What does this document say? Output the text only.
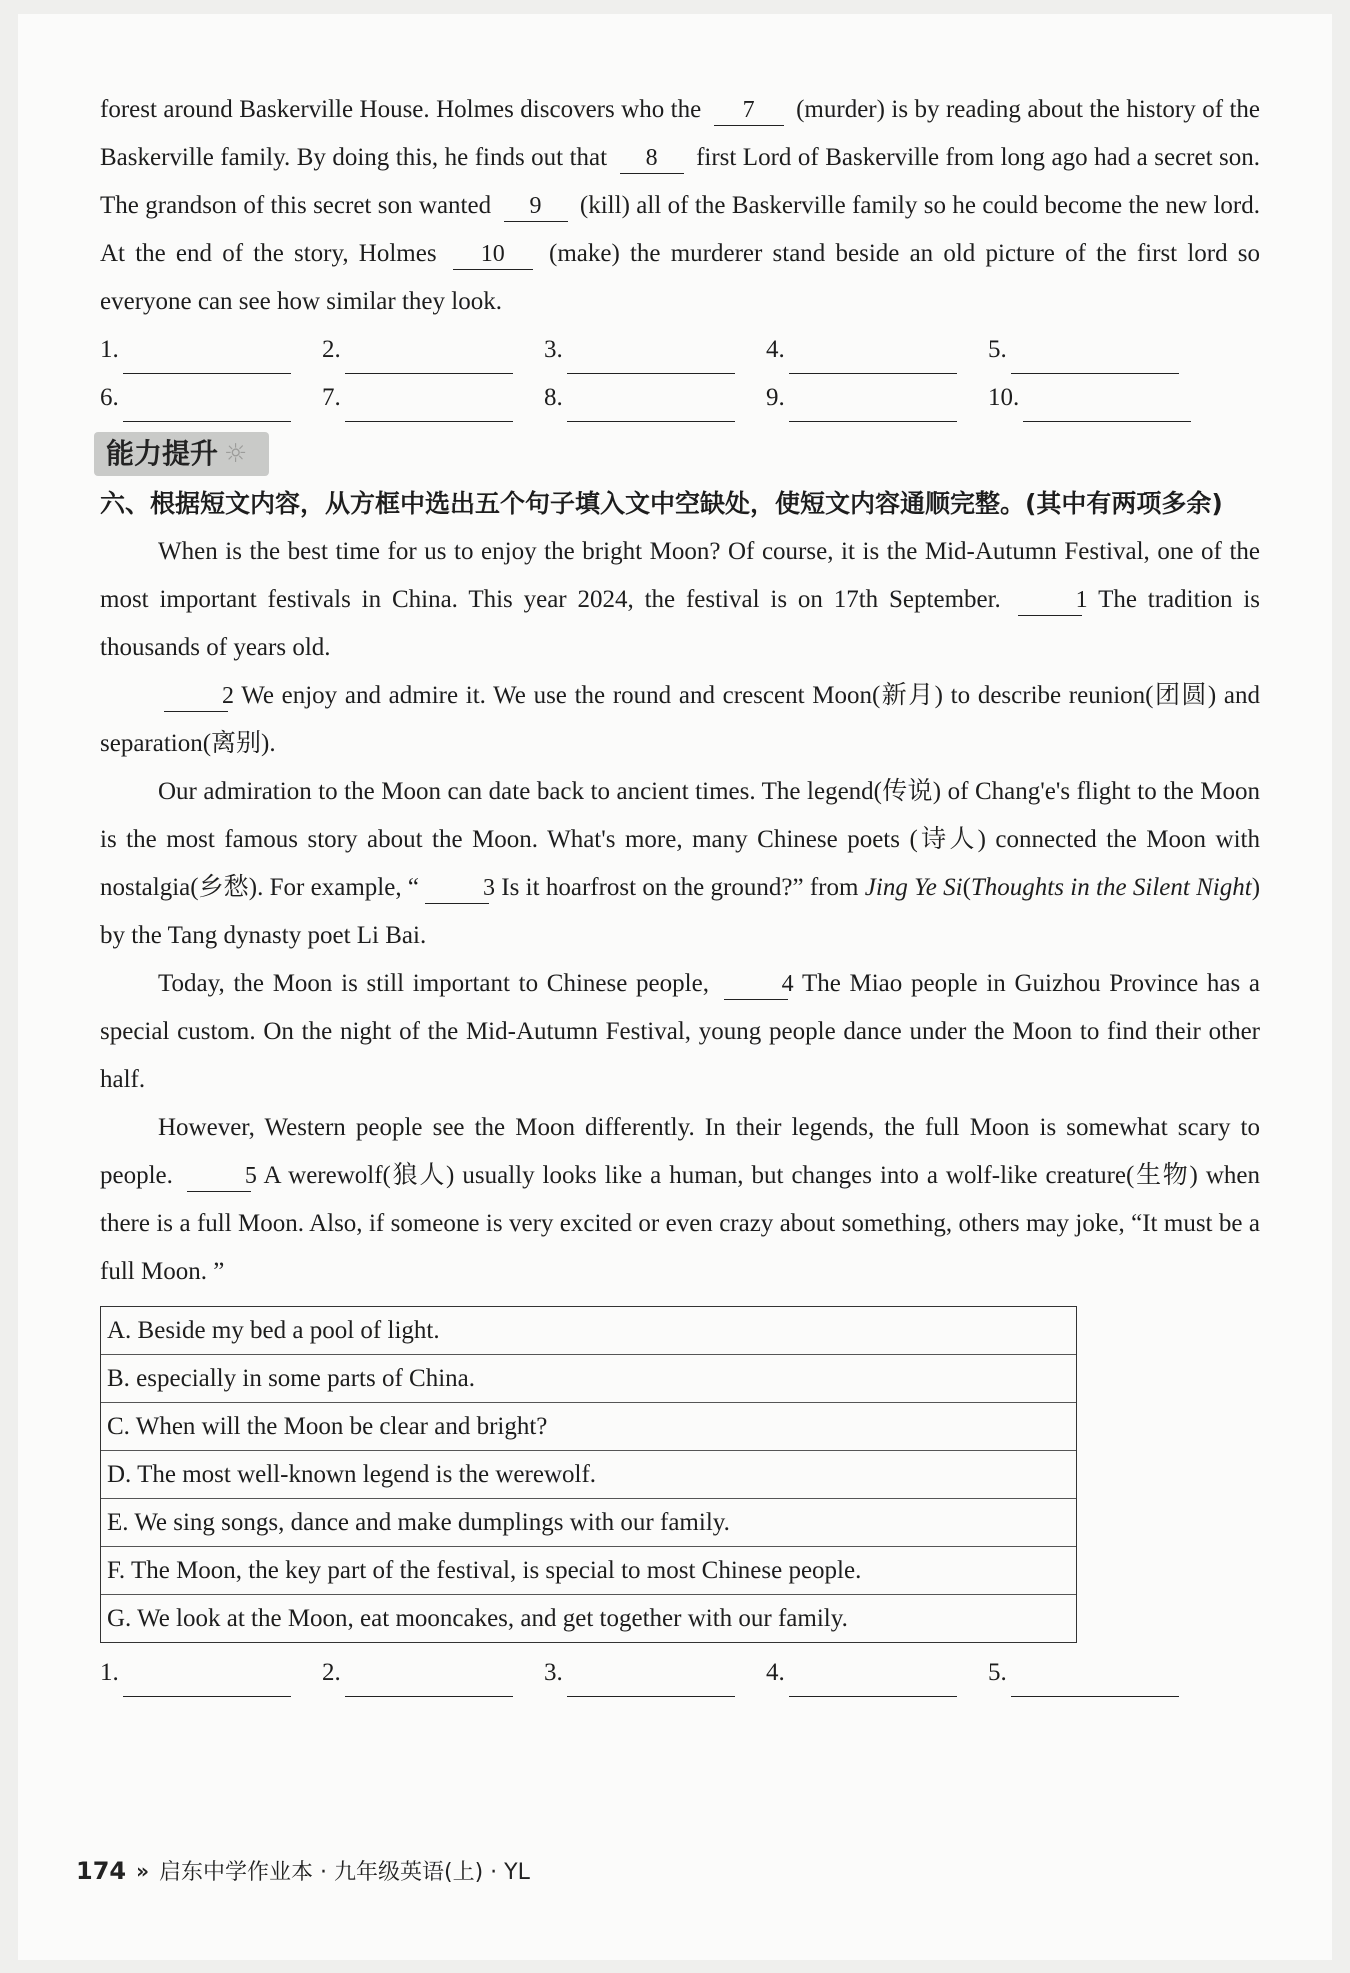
forest around Baskerville House. Holmes discovers who the 7 (murder) is by reading about the history of the Baskerville family. By doing this, he finds out that 8 first Lord of Baskerville from long ago had a secret son. The grandson of this secret son wanted 9 (kill) all of the Baskerville family so he could become the new lord. At the end of the story, Holmes 10 (make) the murderer stand beside an old picture of the first lord so everyone can see how similar they look.

1.	2.	3.	4.	5.
6.	7.	8.	9.	10.
能力提升 ☼

六、根据短文内容，从方框中选出五个句子填入文中空缺处，使短文内容通顺完整。(其中有两项多余)

When is the best time for us to enjoy the bright Moon? Of course, it is the Mid-Autumn Festival, one of the most important festivals in China. This year 2024, the festival is on 17th September.	1 The tradition is thousands of years old.

2 We enjoy and admire it. We use the round and crescent Moon(新月) to describe reunion(团圆) and separation(离别).

Our admiration to the Moon can date back to ancient times. The legend(传说) of Chang'e's flight to the Moon is the most famous story about the Moon. What's more, many Chinese poets (诗人) connected the Moon with nostalgia(乡愁). For example, “	3 Is it hoarfrost on the ground?” from Jing Ye Si(Thoughts in the Silent Night) by the Tang dynasty poet Li Bai.

Today, the Moon is still important to Chinese people,	4 The Miao people in Guizhou Province has a special custom. On the night of the Mid-Autumn Festival, young people dance under the Moon to find their other half.

However, Western people see the Moon differently. In their legends, the full Moon is somewhat scary to people.	5 A werewolf(狼人) usually looks like a human, but changes into a wolf-like creature(生物) when there is a full Moon. Also, if someone is very excited or even crazy about something, others may joke, “It must be a full Moon. ”

A. Beside my bed a pool of light.
B. especially in some parts of China.
C. When will the Moon be clear and bright?
D. The most well-known legend is the werewolf.
E. We sing songs, dance and make dumplings with our family.
F. The Moon, the key part of the festival, is special to most Chinese people.
G. We look at the Moon, eat mooncakes, and get together with our family.
1.	2.	3.	4.	5.
174 » 启东中学作业本 · 九年级英语(上) · YL
